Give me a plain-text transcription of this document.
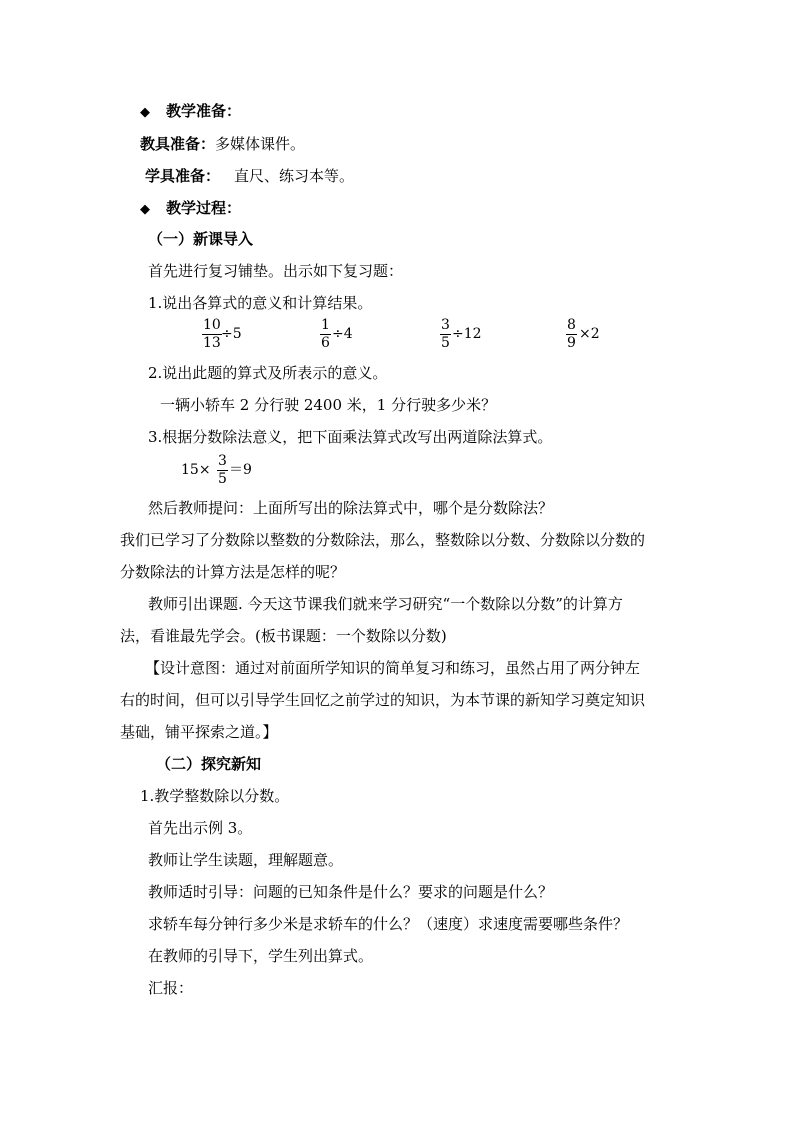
◆ 教学准备：
教具准备：多媒体课件。
学具准备： 直尺、练习本等。
◆ 教学过程：
（一）新课导入
首先进行复习铺垫。出示如下复习题：
1.说出各算式的意义和计算结果。
10
13
÷5
1
6
÷4
3
5
÷12
8
9
×2
2.说出此题的算式及所表示的意义。
一辆小轿车 2 分行驶 2400 米，1 分行驶多少米？
3.根据分数除法意义，把下面乘法算式改写出两道除法算式。
15×
3
5
＝9
然后教师提问：上面所写出的除法算式中，哪个是分数除法？
我们已学习了分数除以整数的分数除法，那么，整数除以分数、分数除以分数的
分数除法的计算方法是怎样的呢？
教师引出课题. 今天这节课我们就来学习研究“一个数除以分数”的计算方
法，看谁最先学会。(板书课题：一个数除以分数)
【设计意图：通过对前面所学知识的简单复习和练习，虽然占用了两分钟左
右的时间，但可以引导学生回忆之前学过的知识，为本节课的新知学习奠定知识
基础，铺平探索之道。】
（二）探究新知
1.教学整数除以分数。
首先出示例 3。
教师让学生读题，理解题意。
教师适时引导：问题的已知条件是什么？要求的问题是什么？
求轿车每分钟行多少米是求轿车的什么？（速度）求速度需要哪些条件？
在教师的引导下，学生列出算式。
汇报：
